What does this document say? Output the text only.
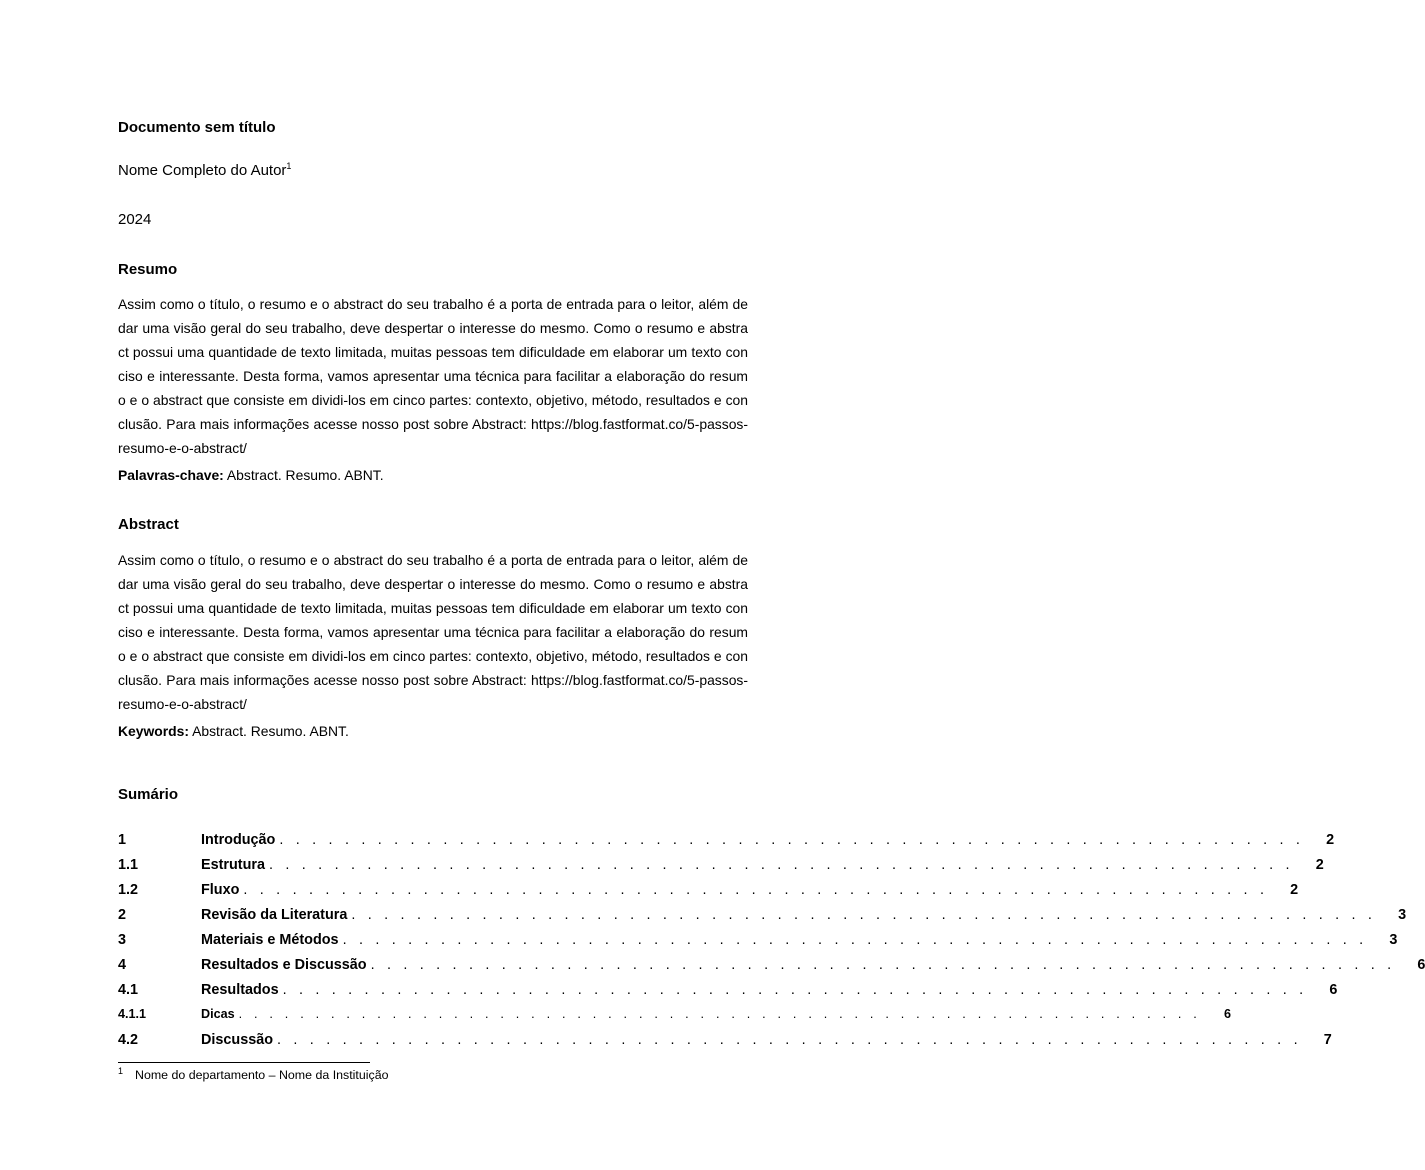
Documento sem título
Nome Completo do Autor$^1$
2024
Resumo
Assim como o título, o resumo e o abstract do seu trabalho é a porta de entrada para o leitor, além de dar uma visão geral do seu trabalho, deve despertar o interesse do mesmo. Como o resumo e abstract possui uma quantidade de texto limitada, muitas pessoas tem dificuldade em elaborar um texto conciso e interessante. Desta forma, vamos apresentar uma técnica para facilitar a elaboração do resumo e o abstract que consiste em dividi-los em cinco partes: contexto, objetivo, método, resultados e conclusão. Para mais informações acesse nosso post sobre Abstract: https://blog.fastformat.co/5-passos-resumo-e-o-abstract/
Palavras-chave: Abstract. Resumo. ABNT.
Abstract
Assim como o título, o resumo e o abstract do seu trabalho é a porta de entrada para o leitor, além de dar uma visão geral do seu trabalho, deve despertar o interesse do mesmo. Como o resumo e abstract possui uma quantidade de texto limitada, muitas pessoas tem dificuldade em elaborar um texto conciso e interessante. Desta forma, vamos apresentar uma técnica para facilitar a elaboração do resumo e o abstract que consiste em dividi-los em cinco partes: contexto, objetivo, método, resultados e conclusão. Para mais informações acesse nosso post sobre Abstract: https://blog.fastformat.co/5-passos-resumo-e-o-abstract/
Keywords: Abstract. Resumo. ABNT.
Sumário
1	Introdução . . . . . . . . . . . . . . . . . . . . . . . . . . . . . . . . . . . . . . . . . . . . . . . . . . . . . . . . . . . . . . .	2
1.1	Estrutura . . . . . . . . . . . . . . . . . . . . . . . . . . . . . . . . . . . . . . . . . . . . . . . . . . . . . . . . . . . . . . .	2
1.2	Fluxo . . . . . . . . . . . . . . . . . . . . . . . . . . . . . . . . . . . . . . . . . . . . . . . . . . . . . . . . . . . . . . .	2
2	Revisão da Literatura . . . . . . . . . . . . . . . . . . . . . . . . . . . . . . . . . . . . . . . . . . . . . . . . . . . . . . . . . . . . . . .	3
3	Materiais e Métodos . . . . . . . . . . . . . . . . . . . . . . . . . . . . . . . . . . . . . . . . . . . . . . . . . . . . . . . . . . . . . . .	3
4	Resultados e Discussão . . . . . . . . . . . . . . . . . . . . . . . . . . . . . . . . . . . . . . . . . . . . . . . . . . . . . . . . . . . . . . .	6
4.1	Resultados . . . . . . . . . . . . . . . . . . . . . . . . . . . . . . . . . . . . . . . . . . . . . . . . . . . . . . . . . . . . . . .	6
4.1.1	Dicas . . . . . . . . . . . . . . . . . . . . . . . . . . . . . . . . . . . . . . . . . . . . . . . . . . . . . . . . . . . . . . .	6
4.2	Discussão . . . . . . . . . . . . . . . . . . . . . . . . . . . . . . . . . . . . . . . . . . . . . . . . . . . . . . . . . . . . . . .	7
$^1$ Nome do departamento – Nome da Instituição
